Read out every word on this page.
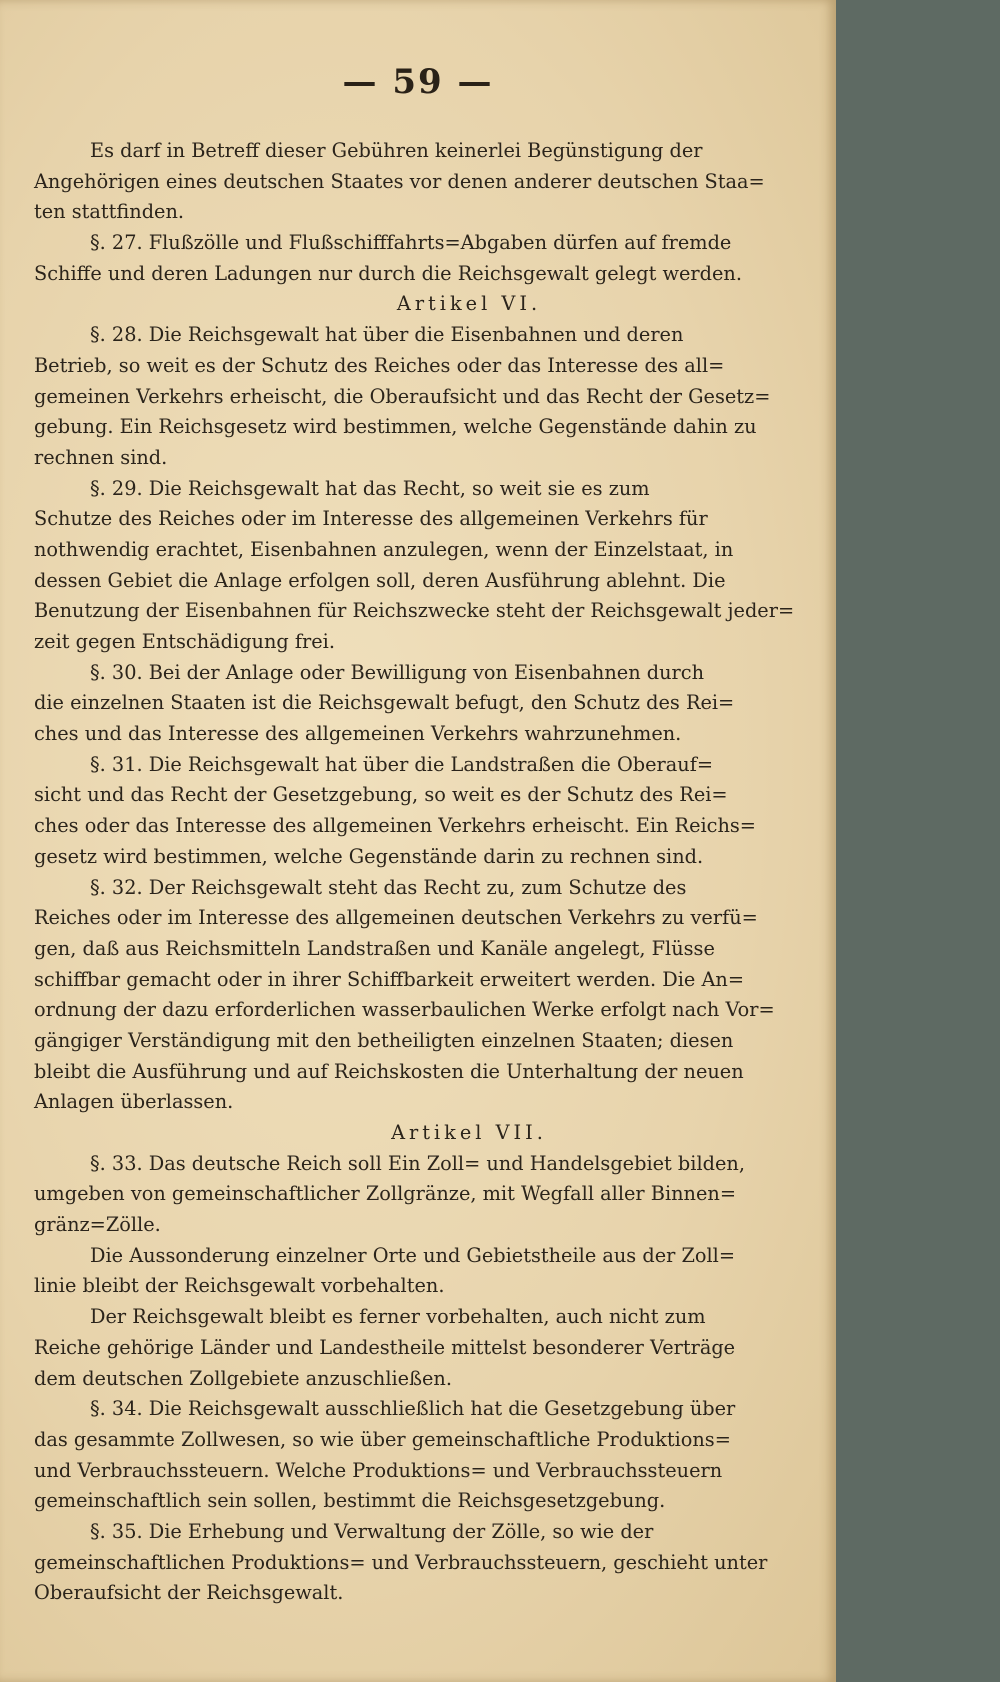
— 59 —
Es darf in Betreff dieser Gebühren keinerlei Begünstigung der
Angehörigen eines deutschen Staates vor denen anderer deutschen Staa=
ten stattfinden.
§. 27. Flußzölle und Flußschifffahrts=Abgaben dürfen auf fremde
Schiffe und deren Ladungen nur durch die Reichsgewalt gelegt werden.
Artikel VI.
§. 28. Die Reichsgewalt hat über die Eisenbahnen und deren
Betrieb, so weit es der Schutz des Reiches oder das Interesse des all=
gemeinen Verkehrs erheischt, die Oberaufsicht und das Recht der Gesetz=
gebung. Ein Reichsgesetz wird bestimmen, welche Gegenstände dahin zu
rechnen sind.
§. 29. Die Reichsgewalt hat das Recht, so weit sie es zum
Schutze des Reiches oder im Interesse des allgemeinen Verkehrs für
nothwendig erachtet, Eisenbahnen anzulegen, wenn der Einzelstaat, in
dessen Gebiet die Anlage erfolgen soll, deren Ausführung ablehnt. Die
Benutzung der Eisenbahnen für Reichszwecke steht der Reichsgewalt jeder=
zeit gegen Entschädigung frei.
§. 30. Bei der Anlage oder Bewilligung von Eisenbahnen durch
die einzelnen Staaten ist die Reichsgewalt befugt, den Schutz des Rei=
ches und das Interesse des allgemeinen Verkehrs wahrzunehmen.
§. 31. Die Reichsgewalt hat über die Landstraßen die Oberauf=
sicht und das Recht der Gesetzgebung, so weit es der Schutz des Rei=
ches oder das Interesse des allgemeinen Verkehrs erheischt. Ein Reichs=
gesetz wird bestimmen, welche Gegenstände darin zu rechnen sind.
§. 32. Der Reichsgewalt steht das Recht zu, zum Schutze des
Reiches oder im Interesse des allgemeinen deutschen Verkehrs zu verfü=
gen, daß aus Reichsmitteln Landstraßen und Kanäle angelegt, Flüsse
schiffbar gemacht oder in ihrer Schiffbarkeit erweitert werden. Die An=
ordnung der dazu erforderlichen wasserbaulichen Werke erfolgt nach Vor=
gängiger Verständigung mit den betheiligten einzelnen Staaten; diesen
bleibt die Ausführung und auf Reichskosten die Unterhaltung der neuen
Anlagen überlassen.
Artikel VII.
§. 33. Das deutsche Reich soll Ein Zoll= und Handelsgebiet bilden,
umgeben von gemeinschaftlicher Zollgränze, mit Wegfall aller Binnen=
gränz=Zölle.
Die Aussonderung einzelner Orte und Gebietstheile aus der Zoll=
linie bleibt der Reichsgewalt vorbehalten.
Der Reichsgewalt bleibt es ferner vorbehalten, auch nicht zum
Reiche gehörige Länder und Landestheile mittelst besonderer Verträge
dem deutschen Zollgebiete anzuschließen.
§. 34. Die Reichsgewalt ausschließlich hat die Gesetzgebung über
das gesammte Zollwesen, so wie über gemeinschaftliche Produktions=
und Verbrauchssteuern. Welche Produktions= und Verbrauchssteuern
gemeinschaftlich sein sollen, bestimmt die Reichsgesetzgebung.
§. 35. Die Erhebung und Verwaltung der Zölle, so wie der
gemeinschaftlichen Produktions= und Verbrauchssteuern, geschieht unter
Oberaufsicht der Reichsgewalt.
